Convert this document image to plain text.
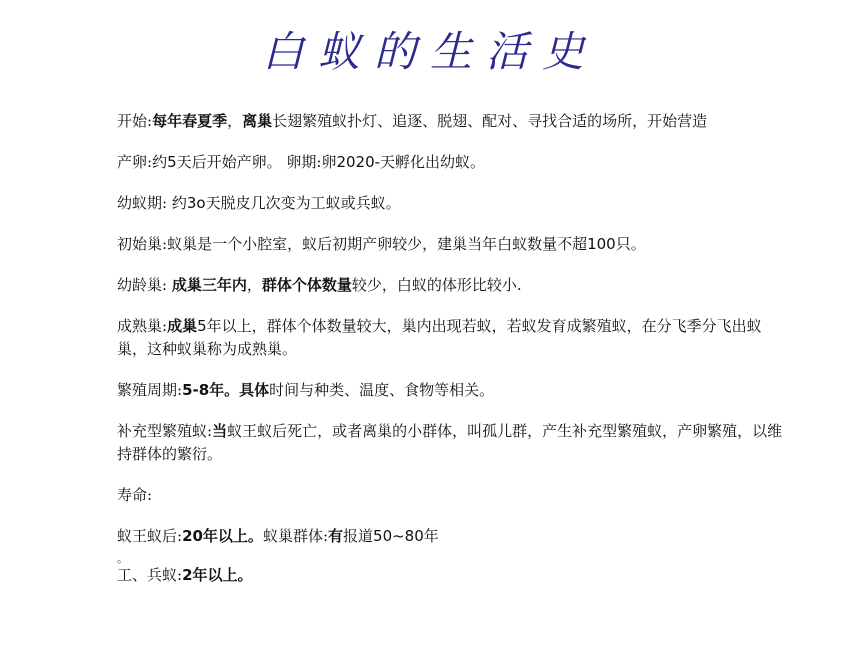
白蚁的生活史

开始:每年春夏季，离巢长翅繁殖蚁扑灯、追逐、脱翅、配对、寻找合适的场所，开始营造

产卵:约5天后开始产卵。 卵期:卵2020-天孵化出幼蚁。

幼蚁期: 约3o天脱皮几次变为工蚁或兵蚁。

初始巢:蚁巢是一个小腔室，蚁后初期产卵较少，建巢当年白蚁数量不超100只。

幼龄巢: 成巢三年内，群体个体数量较少，白蚁的体形比较小.

成熟巢:成巢5年以上，群体个体数量较大，巢内出现若蚁，若蚁发育成繁殖蚁，在分飞季分飞出蚁巢，这种蚁巢称为成熟巢。

繁殖周期:5-8年。具体时间与种类、温度、食物等相关。

补充型繁殖蚁:当蚁王蚁后死亡，或者离巢的小群体，叫孤儿群，产生补充型繁殖蚁，产卵繁殖，以维持群体的繁衍。

寿命:

蚁王蚁后:20年以上。蚁巢群体:有报道50~80年

。

工、兵蚁:2年以上。
